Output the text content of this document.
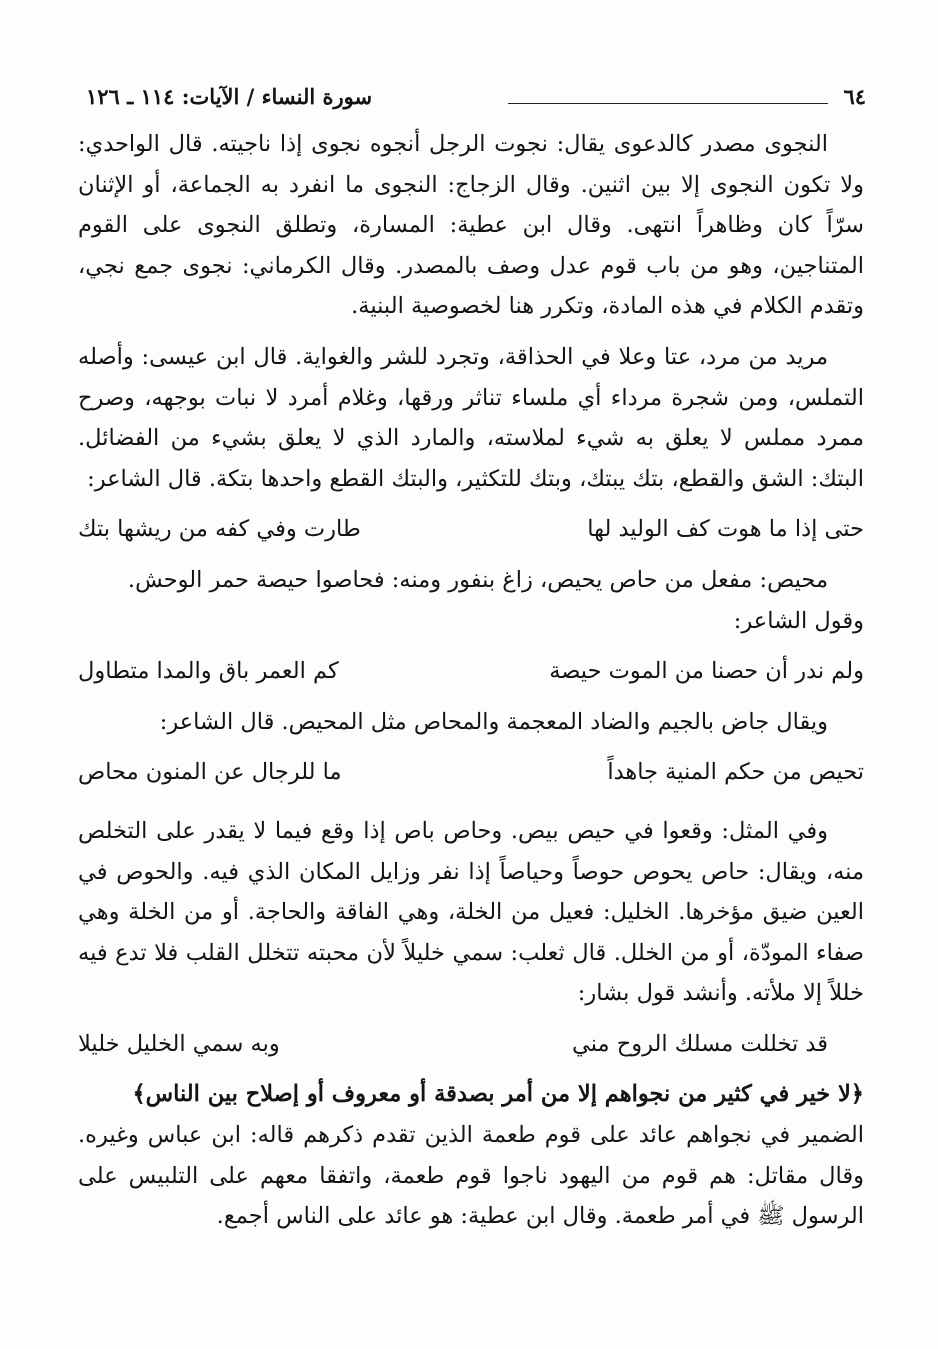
٦٤
سورة النساء / الآيات: ١١٤ ـ ١٢٦

النجوى مصدر كالدعوى يقال: نجوت الرجل أنجوه نجوى إذا ناجيته. قال الواحدي: ولا تكون النجوى إلا بين اثنين. وقال الزجاج: النجوى ما انفرد به الجماعة، أو الإثنان سرّاً كان وظاهراً انتهى. وقال ابن عطية: المسارة، وتطلق النجوى على القوم المتناجين، وهو من باب قوم عدل وصف بالمصدر. وقال الكرماني: نجوى جمع نجي، وتقدم الكلام في هذه المادة، وتكرر هنا لخصوصية البنية.

مريد من مرد، عتا وعلا في الحذاقة، وتجرد للشر والغواية. قال ابن عيسى: وأصله التملس، ومن شجرة مرداء أي ملساء تناثر ورقها، وغلام أمرد لا نبات بوجهه، وصرح ممرد مملس لا يعلق به شيء لملاسته، والمارد الذي لا يعلق بشيء من الفضائل. البتك: الشق والقطع، بتك يبتك، وبتك للتكثير، والبتك القطع واحدها بتكة. قال الشاعر:

حتى إذا ما هوت كف الوليد لها
طارت وفي كفه من ريشها بتك

محيص: مفعل من حاص يحيص، زاغ بنفور ومنه: فحاصوا حيصة حمر الوحش.

وقول الشاعر:

ولم ندر أن حصنا من الموت حيصة
كم العمر باق والمدا متطاول

ويقال جاض بالجيم والضاد المعجمة والمحاص مثل المحيص. قال الشاعر:

تحيص من حكم المنية جاهداً
ما للرجال عن المنون محاص

وفي المثل: وقعوا في حيص بيص. وحاص باص إذا وقع فيما لا يقدر على التخلص منه، ويقال: حاص يحوص حوصاً وحياصاً إذا نفر وزايل المكان الذي فيه. والحوص في العين ضيق مؤخرها. الخليل: فعيل من الخلة، وهي الفاقة والحاجة. أو من الخلة وهي صفاء المودّة، أو من الخلل. قال ثعلب: سمي خليلاً لأن محبته تتخلل القلب فلا تدع فيه خللاً إلا ملأته. وأنشد قول بشار:

قد تخللت مسلك الروح مني
وبه سمي الخليل خليلا

﴿لا خير في كثير من نجواهم إلا من أمر بصدقة أو معروف أو إصلاح بين الناس﴾

الضمير في نجواهم عائد على قوم طعمة الذين تقدم ذكرهم قاله: ابن عباس وغيره. وقال مقاتل: هم قوم من اليهود ناجوا قوم طعمة، واتفقا معهم على التلبيس على الرسول ﷺ في أمر طعمة. وقال ابن عطية: هو عائد على الناس أجمع.
